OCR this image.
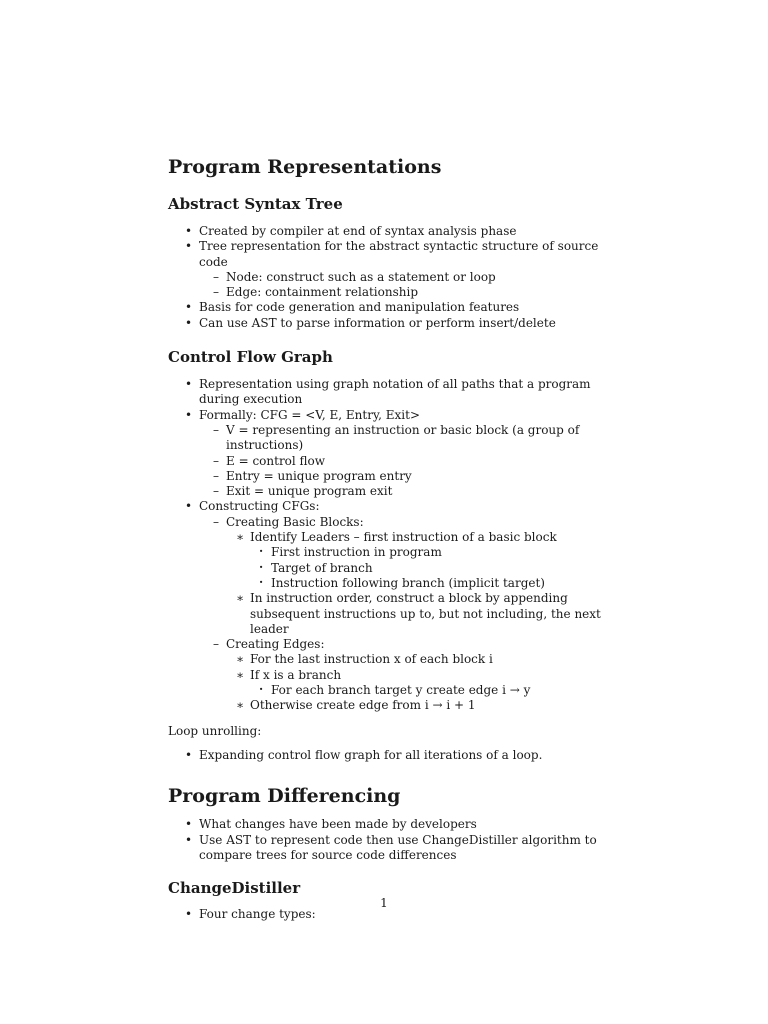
Program Representations
Abstract Syntax Tree
• Created by compiler at end of syntax analysis phase
• Tree representation for the abstract syntactic structure of source code
– Node: construct such as a statement or loop
– Edge: containment relationship
• Basis for code generation and manipulation features
• Can use AST to parse information or perform insert/delete
Control Flow Graph
• Representation using graph notation of all paths that a program during execution
• Formally: CFG = <V, E, Entry, Exit>
– V = representing an instruction or basic block (a group of instructions)
– E = control flow
– Entry = unique program entry
– Exit = unique program exit
• Constructing CFGs:
– Creating Basic Blocks:
∗ Identify Leaders – first instruction of a basic block
· First instruction in program
· Target of branch
· Instruction following branch (implicit target)
∗ In instruction order, construct a block by appending subsequent instructions up to, but not including, the next leader
– Creating Edges:
∗ For the last instruction x of each block i
∗ If x is a branch
· For each branch target y create edge i → y
∗ Otherwise create edge from i → i + 1

Loop unrolling:

• Expanding control flow graph for all iterations of a loop.
Program Differencing
• What changes have been made by developers
• Use AST to represent code then use ChangeDistiller algorithm to compare trees for source code differences
ChangeDistiller
• Four change types:
1
